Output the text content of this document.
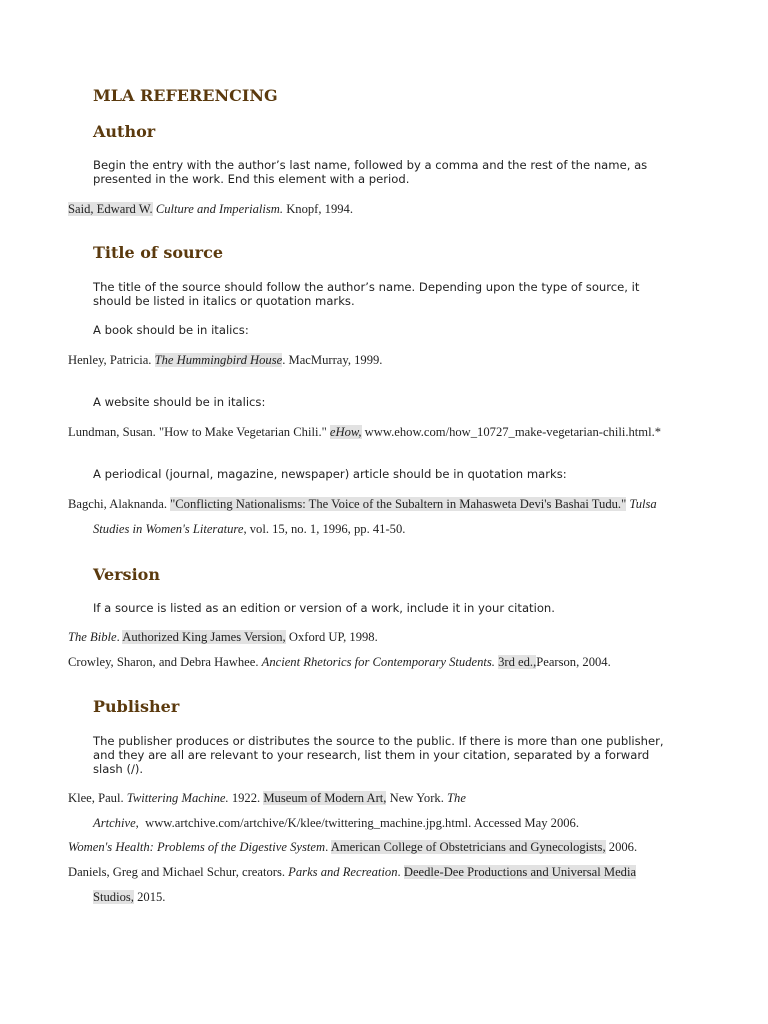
MLA REFERENCING
Author
Begin the entry with the author’s last name, followed by a comma and the rest of the name, as
presented in the work. End this element with a period.
Said, Edward W. Culture and Imperialism. Knopf, 1994.
Title of source
The title of the source should follow the author’s name. Depending upon the type of source, it
should be listed in italics or quotation marks.
A book should be in italics:
Henley, Patricia. The Hummingbird House. MacMurray, 1999.
A website should be in italics:
Lundman, Susan. "How to Make Vegetarian Chili." eHow, www.ehow.com/how_10727_make-vegetarian-chili.html.*
A periodical (journal, magazine, newspaper) article should be in quotation marks:
Bagchi, Alaknanda. "Conflicting Nationalisms: The Voice of the Subaltern in Mahasweta Devi's Bashai Tudu." Tulsa
Studies in Women's Literature, vol. 15, no. 1, 1996, pp. 41-50.
Version
If a source is listed as an edition or version of a work, include it in your citation.
The Bible. Authorized King James Version, Oxford UP, 1998.
Crowley, Sharon, and Debra Hawhee. Ancient Rhetorics for Contemporary Students. 3rd ed.,Pearson, 2004.
Publisher
The publisher produces or distributes the source to the public. If there is more than one publisher,
and they are all are relevant to your research, list them in your citation, separated by a forward
slash (/).
Klee, Paul. Twittering Machine. 1922. Museum of Modern Art, New York. The
Artchive, www.artchive.com/artchive/K/klee/twittering_machine.jpg.html. Accessed May 2006.
Women's Health: Problems of the Digestive System. American College of Obstetricians and Gynecologists, 2006.
Daniels, Greg and Michael Schur, creators. Parks and Recreation. Deedle-Dee Productions and Universal Media
Studios, 2015.
